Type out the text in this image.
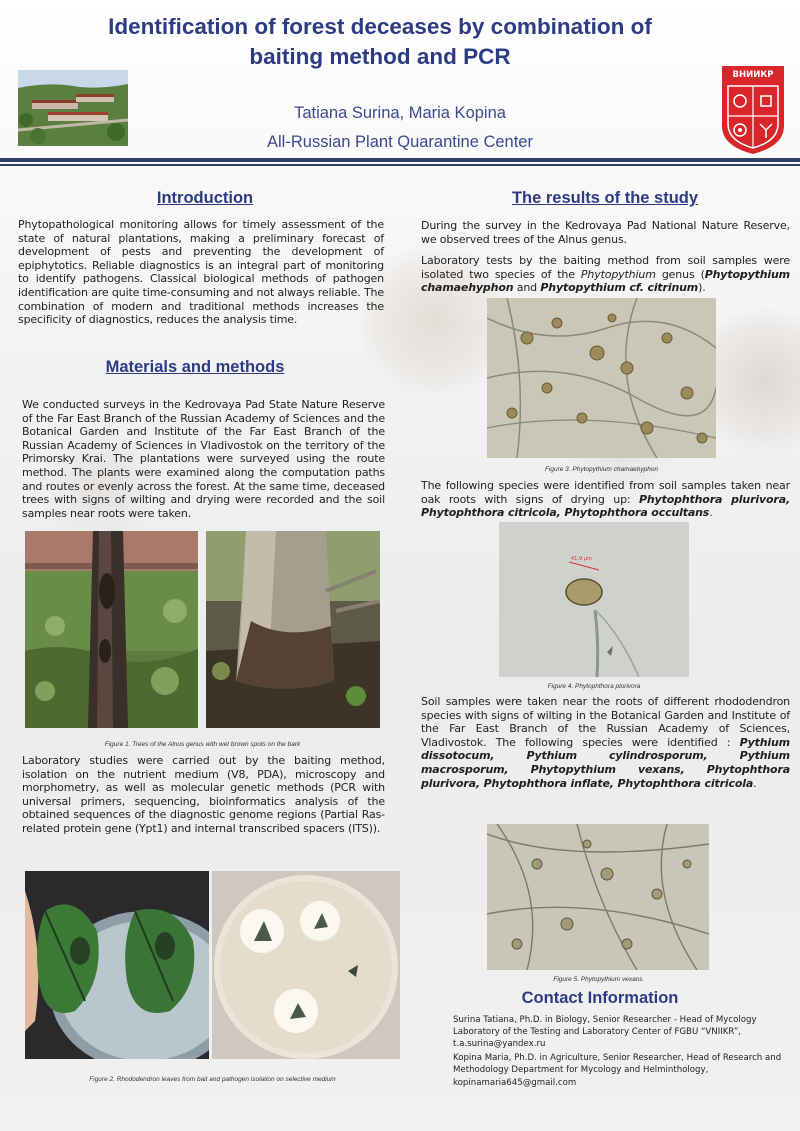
Identification of forest deceases by combination of baiting method and PCR
Tatiana Surina, Maria Kopina
All-Russian Plant Quarantine Center
ВНИИКР
Introduction
Phytopathological monitoring allows for timely assessment of the state of natural plantations, making a preliminary forecast of development of pests and preventing the development of epiphytotics. Reliable diagnostics is an integral part of monitoring to identify pathogens. Classical biological methods of pathogen identification are quite time-consuming and not always reliable. The combination of modern and traditional methods increases the specificity of diagnostics, reduces the analysis time.
Materials and methods
We conducted surveys in the Kedrovaya Pad State Nature Reserve of the Far East Branch of the Russian Academy of Sciences and the Botanical Garden and Institute of the Far East Branch of the Russian Academy of Sciences in Vladivostok on the territory of the Primorsky Krai. The plantations were surveyed using the route method. The plants were examined along the computation paths and routes or evenly across the forest. At the same time, deceased trees with signs of wilting and drying were recorded and the soil samples near roots were taken.
Figure 1. Trees of the Alnus genus with wet brown spots on the bark
Laboratory studies were carried out by the baiting method, isolation on the nutrient medium (V8, PDA), microscopy and morphometry, as well as molecular genetic methods (PCR with universal primers, sequencing, bioinformatics analysis of the obtained sequences of the diagnostic genome regions (Partial Ras-related protein gene (Ypt1) and internal transcribed spacers (ITS)).
Figure 2. Rhododendron leaves from bait and pathogen isolation on selective medium
The results of the study
During the survey in the Kedrovaya Pad National Nature Reserve, we observed trees of the Alnus genus.
Laboratory tests by the baiting method from soil samples were isolated two species of the Phytopythium genus (Phytopythium chamaehyphon and Phytopythium cf. citrinum).
Figure 3. Phytopythium chamaehyphon
The following species were identified from soil samples taken near oak roots with signs of drying up: Phytophthora plurivora, Phytophthora citricola, Phytophthora occultans.
41,9 μm
Figure 4. Phytophthora plurivora
Soil samples were taken near the roots of different rhododendron species with signs of wilting in the Botanical Garden and Institute of the Far East Branch of the Russian Academy of Sciences, Vladivostok. The following species were identified : Pythium dissotocum, Pythium cylindrosporum, Pythium macrosporum, Phytopythium vexans, Phytophthora plurivora, Phytophthora inflate, Phytophthora citricola.
Figure 5. Phytopythium vexans
Contact Information
Surina Tatiana, Ph.D. in Biology, Senior Researcher - Head of Mycology Laboratory of the Testing and Laboratory Center of FGBU “VNIIKR”,
t.a.surina@yandex.ru
Kopina Maria, Ph.D. in Agriculture, Senior Researcher, Head of Research and Methodology Department for Mycology and Helminthology,
kopinamaria645@gmail.com
